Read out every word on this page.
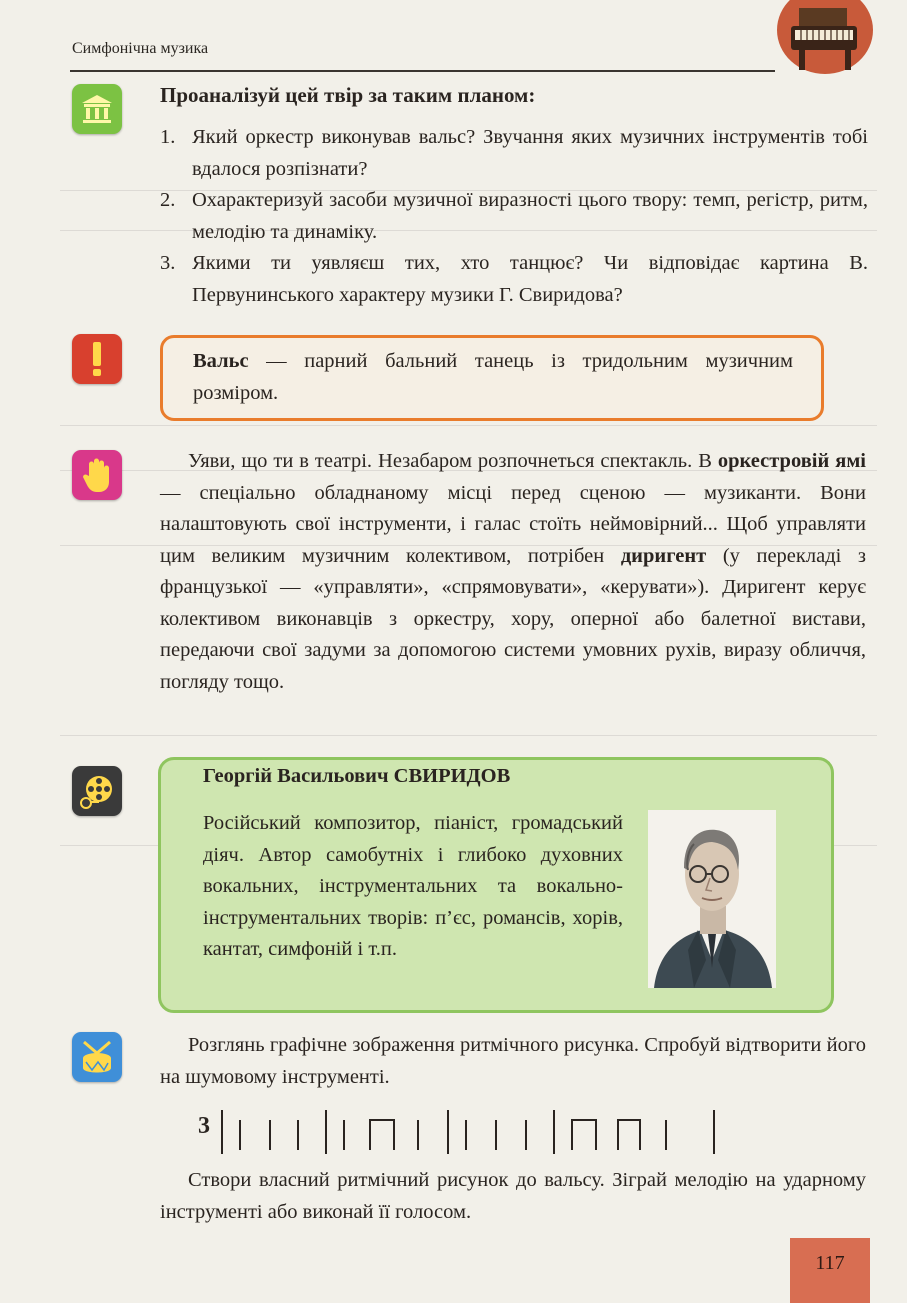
Симфонічна музика
Проаналізуй цей твір за таким планом:
1. Який оркестр виконував вальс? Звучання яких музичних інструментів тобі вдалося розпізнати?
2. Охарактеризуй засоби музичної виразності цього твору: темп, регістр, ритм, мелодію та динаміку.
3. Якими ти уявляєш тих, хто танцює? Чи відповідає картина В. Первунинського характеру музики Г. Свиридова?
Вальс — парний бальний танець із тридольним музичним розміром.
Уяви, що ти в театрі. Незабаром розпочнеться спектакль. В оркестровій ямі — спеціально обладнаному місці перед сценою — музиканти. Вони налаштовують свої інструменти, і галас стоїть неймовірний... Щоб управляти цим великим музичним колективом, потрібен диригент (у перекладі з французької — «управляти», «спрямовувати», «керувати»). Диригент керує колективом виконавців з оркестру, хору, оперної або балетної вистави, передаючи свої задуми за допомогою системи умовних рухів, виразу обличчя, погляду тощо.
Георгій Васильович СВИРИДОВ
Російський композитор, піаніст, громадський діяч. Автор самобутніх і глибоко духовних вокальних, інструментальних та вокально-інструментальних творів: п’єс, романсів, хорів, кантат, симфоній і т.п.
Розглянь графічне зображення ритмічного рисунка. Спробуй відтворити його на шумовому інструменті.
3
Створи власний ритмічний рисунок до вальсу. Зіграй мелодію на ударному інструменті або виконай її голосом.
117
